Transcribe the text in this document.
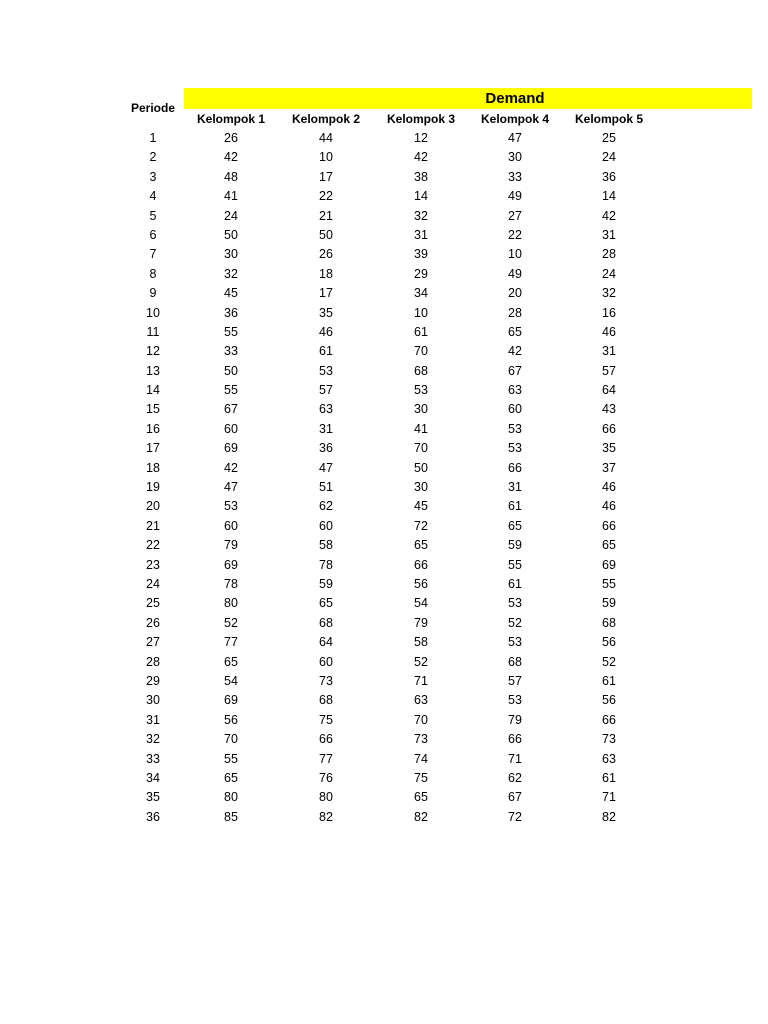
Demand
Periode
Kelompok 1	Kelompok 2	Kelompok 3	Kelompok 4	Kelompok 5
1	26	44	12	47	25
2	42	10	42	30	24
3	48	17	38	33	36
4	41	22	14	49	14
5	24	21	32	27	42
6	50	50	31	22	31
7	30	26	39	10	28
8	32	18	29	49	24
9	45	17	34	20	32
10	36	35	10	28	16
11	55	46	61	65	46
12	33	61	70	42	31
13	50	53	68	67	57
14	55	57	53	63	64
15	67	63	30	60	43
16	60	31	41	53	66
17	69	36	70	53	35
18	42	47	50	66	37
19	47	51	30	31	46
20	53	62	45	61	46
21	60	60	72	65	66
22	79	58	65	59	65
23	69	78	66	55	69
24	78	59	56	61	55
25	80	65	54	53	59
26	52	68	79	52	68
27	77	64	58	53	56
28	65	60	52	68	52
29	54	73	71	57	61
30	69	68	63	53	56
31	56	75	70	79	66
32	70	66	73	66	73
33	55	77	74	71	63
34	65	76	75	62	61
35	80	80	65	67	71
36	85	82	82	72	82
